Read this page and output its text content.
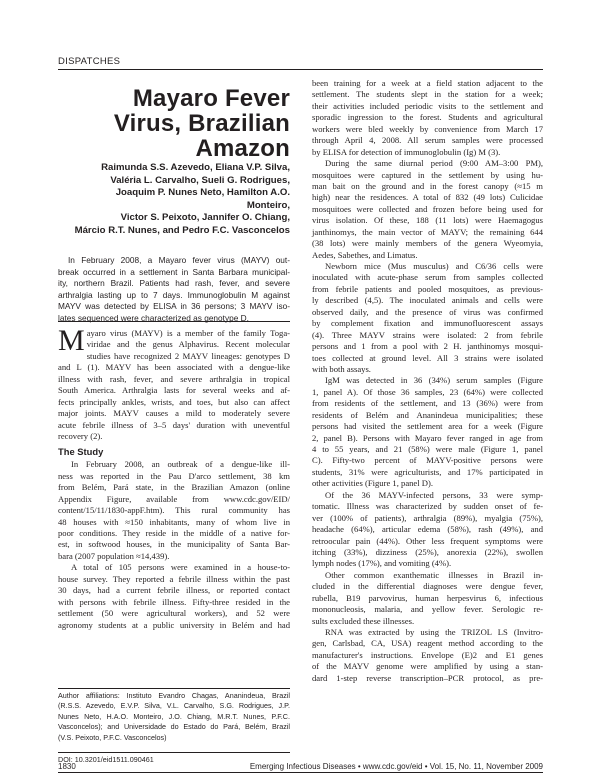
DISPATCHES
Mayaro Fever
Virus, Brazilian
Amazon
Raimunda S.S. Azevedo, Eliana V.P. Silva,
Valéria L. Carvalho, Sueli G. Rodrigues,
Joaquim P. Nunes Neto, Hamilton A.O. Monteiro,
Victor S. Peixoto, Jannifer O. Chiang,
Márcio R.T. Nunes, and Pedro F.C. Vasconcelos
In February 2008, a Mayaro fever virus (MAYV) out-
break occurred in a settlement in Santa Barbara municipal-
ity, northern Brazil. Patients had rash, fever, and severe
arthralgia lasting up to 7 days. Immunoglobulin M against
MAYV was detected by ELISA in 36 persons; 3 MAYV iso-
lates sequenced were characterized as genotype D.
M ayaro virus (MAYV) is a member of the family Toga-
viridae and the genus Alphavirus. Recent molecular
studies have recognized 2 MAYV lineages: genotypes D
and L (1). MAYV has been associated with a dengue-like
illness with rash, fever, and severe arthralgia in tropical
South America. Arthralgia lasts for several weeks and af-
fects principally ankles, wrists, and toes, but also can affect
major joints. MAYV causes a mild to moderately severe
acute febrile illness of 3–5 days' duration with uneventful
recovery (2).
The Study
In February 2008, an outbreak of a dengue-like ill-
ness was reported in the Pau D'arco settlement, 38 km
from Belém, Pará state, in the Brazilian Amazon (online
Appendix Figure, available from www.cdc.gov/EID/
content/15/11/1830-appF.htm). This rural community has
48 houses with ≈150 inhabitants, many of whom live in
poor conditions. They reside in the middle of a native for-
est, in softwood houses, in the municipality of Santa Bar-
bara (2007 population ≈14,439).
A total of 105 persons were examined in a house-to-
house survey. They reported a febrile illness within the past
30 days, had a current febrile illness, or reported contact
with persons with febrile illness. Fifty-three resided in the
settlement (50 were agricultural workers), and 52 were
agronomy students at a public university in Belém and had
Author affiliations: Instituto Evandro Chagas, Ananindeua, Brazil
(R.S.S. Azevedo, E.V.P. Silva, V.L. Carvalho, S.G. Rodrigues, J.P.
Nunes Neto, H.A.O. Monteiro, J.O. Chiang, M.R.T. Nunes, P.F.C.
Vasconcelos); and Universidade do Estado do Pará, Belém, Brazil
(V.S. Peixoto, P.F.C. Vasconcelos)
DOI: 10.3201/eid1511.090461
been training for a week at a field station adjacent to the
settlement. The students slept in the station for a week;
their activities included periodic visits to the settlement and
sporadic ingression to the forest. Students and agricultural
workers were bled weekly by convenience from March 17
through April 4, 2008. All serum samples were processed
by ELISA for detection of immunoglobulin (Ig) M (3).
During the same diurnal period (9:00 AM–3:00 PM),
mosquitoes were captured in the settlement by using hu-
man bait on the ground and in the forest canopy (≈15 m
high) near the residences. A total of 832 (49 lots) Culicidae
mosquitoes were collected and frozen before being used for
virus isolation. Of these, 188 (11 lots) were Haemagogus
janthinomys, the main vector of MAYV; the remaining 644
(38 lots) were mainly members of the genera Wyeomyia,
Aedes, Sabethes, and Limatus.
Newborn mice (Mus musculus) and C6/36 cells were
inoculated with acute-phase serum from samples collected
from febrile patients and pooled mosquitoes, as previous-
ly described (4,5). The inoculated animals and cells were
observed daily, and the presence of virus was confirmed
by complement fixation and immunofluorescent assays
(4). Three MAYV strains were isolated: 2 from febrile
persons and 1 from a pool with 2 H. janthinomys mosqui-
toes collected at ground level. All 3 strains were isolated
with both assays.
IgM was detected in 36 (34%) serum samples (Figure
1, panel A). Of those 36 samples, 23 (64%) were collected
from residents of the settlement, and 13 (36%) were from
residents of Belém and Ananindeua municipalities; these
persons had visited the settlement area for a week (Figure
2, panel B). Persons with Mayaro fever ranged in age from
4 to 55 years, and 21 (58%) were male (Figure 1, panel
C). Fifty-two percent of MAYV-positive persons were
students, 31% were agriculturists, and 17% participated in
other activities (Figure 1, panel D).
Of the 36 MAYV-infected persons, 33 were symp-
tomatic. Illness was characterized by sudden onset of fe-
ver (100% of patients), arthralgia (89%), myalgia (75%),
headache (64%), articular edema (58%), rash (49%), and
retroocular pain (44%). Other less frequent symptoms were
itching (33%), dizziness (25%), anorexia (22%), swollen
lymph nodes (17%), and vomiting (4%).
Other common exanthematic illnesses in Brazil in-
cluded in the differential diagnoses were dengue fever,
rubella, B19 parvovirus, human herpesvirus 6, infectious
mononucleosis, malaria, and yellow fever. Serologic re-
sults excluded these illnesses.
RNA was extracted by using the TRIZOL LS (Invitro-
gen, Carlsbad, CA, USA) reagent method according to the
manufacturer's instructions. Envelope (E)2 and E1 genes
of the MAYV genome were amplified by using a stan-
dard 1-step reverse transcription–PCR protocol, as pre-
1830	Emerging Infectious Diseases • www.cdc.gov/eid • Vol. 15, No. 11, November 2009
